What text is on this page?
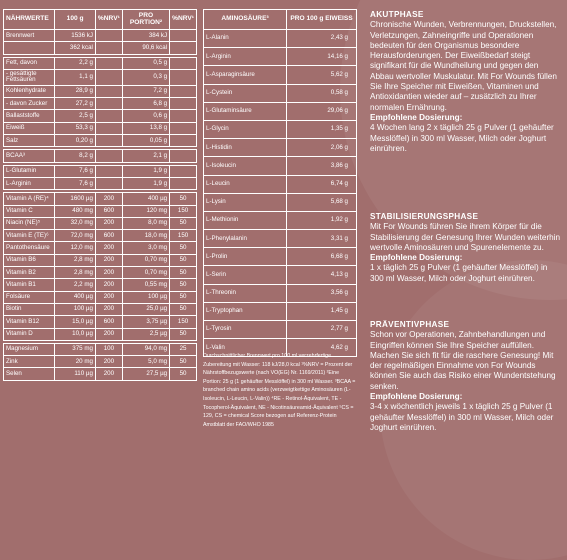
NÄHRWERTE	100 g	%NRV¹	PRO PORTION²	%NRV¹
Brennwert	1536 kJ		384 kJ	
	362 kcal		90,6 kcal	

Fett, davon	2,2 g		0,5 g	
- gesättigte Fettsäuren	1,1 g		0,3 g	
Kohlenhydrate	28,9 g		7,2 g	
- davon Zucker	27,2 g		6,8 g	
Ballaststoffe	2,5 g		0,6 g	
Eiweiß	53,3 g		13,8 g	
Salz	0,20 g		0,05 g	

BCAA³	8,2 g		2,1 g	

L-Glutamin	7,6 g		1,9 g	
L-Arginin	7,6 g		1,9 g	

Vitamin A (RE)⁴	1600 µg	200	400 µg	50
Vitamin C	480 mg	600	120 mg	150
Niacin (NE)⁵	32,0 mg	200	8,0 mg	50
Vitamin E (TE)⁶	72,0 mg	600	18,0 mg	150
Pantothensäure	12,0 mg	200	3,0 mg	50
Vitamin B6	2,8 mg	200	0,70 mg	50
Vitamin B2	2,8 mg	200	0,70 mg	50
Vitamin B1	2,2 mg	200	0,55 mg	50
Folsäure	400 µg	200	100 µg	50
Biotin	100 µg	200	25,0 µg	50
Vitamin B12	15,0 µg	600	3,75 µg	150
Vitamin D	10,0 µg	200	2,5 µg	50

Magnesium	375 mg	100	94,0 mg	25
Zink	20 mg	200	5,0 mg	50
Selen	110 µg	200	27,5 µg	50
AMINOSÄURE³	PRO 100 g EIWEISS
L-Alanin	2,43 g
L-Arginin	14,16 g
L-Asparaginsäure	5,62 g
L-Cystein	0,58 g
L-Glutaminsäure	29,06 g
L-Glycin	1,35 g
L-Histidin	2,06 g
L-Isoleucin	3,86 g
L-Leucin	6,74 g
L-Lysin	5,68 g
L-Methionin	1,92 g
L-Phenylalanin	3,31 g
L-Prolin	6,68 g
L-Serin	4,13 g
L-Threonin	3,56 g
L-Tryptophan	1,45 g
L-Tyrosin	2,77 g
L-Valin	4,62 g
Durchschnittlicher Brennwert pro 100 ml verzehrfertige Zubereitung mit Wasser: 118 kJ/28,0 kcal ¹%NRV = Prozent der Nährstoffbezugswerte (nach VO(EG) Nr. 1169/2011) ²Eine Portion: 25 g (1 gehäufter Messlöffel) in 300 ml Wasser. ³BCAA = branched chain amino acids (verzweigtkettige Aminosäuren (L-Isoleucin, L-Leucin, L-Valin)) ⁴RE - Retinol-Äquivalent, TE - Tocopherol-Äquivalent, NE - Nicotinsäureamid-Äquivalent ⁵CS = 129, CS = chemical Score bezogen auf Referenz-Protein Amstblatt der FAO/WHO 1985
AKUTPHASE

Chronische Wunden, Verbrennungen, Druckstellen, Verletzungen, Zahneingriffe und Operationen bedeuten für den Organismus besondere Herausforderungen. Der Eiweißbedarf steigt signifikant für die Wundheilung und gegen den Abbau wertvoller Muskulatur. Mit For Wounds füllen Sie Ihre Speicher mit Eiweißen, Vitaminen und Antioxidantien wieder auf – zusätzlich zu Ihrer normalen Ernährung.

Empfohlene Dosierung:

4 Wochen lang 2 x täglich 25 g Pulver (1 gehäufter Messlöffel) in 300 ml Wasser, Milch oder Joghurt einrühren.

STABILISIERUNGSPHASE

Mit For Wounds führen Sie ihrem Körper für die Stabilisierung der Genesung Ihrer Wunden weiterhin wertvolle Aminosäuren und Spurenelemente zu.

Empfohlene Dosierung:

1 x täglich 25 g Pulver (1 gehäufter Messlöffel) in 300 ml Wasser, Milch oder Joghurt einrühren.

PRÄVENTIVPHASE

Schon vor Operationen, Zahnbehandlungen und Eingriffen können Sie Ihre Speicher auffüllen. Machen Sie sich fit für die raschere Genesung! Mit der regelmäßigen Einnahme von For Wounds können Sie auch das Risiko einer Wundentstehung senken.

Empfohlene Dosierung:

3-4 x wöchentlich jeweils 1 x täglich 25 g Pulver (1 gehäufter Messlöffel) in 300 ml Wasser, Milch oder Joghurt einrühren.
